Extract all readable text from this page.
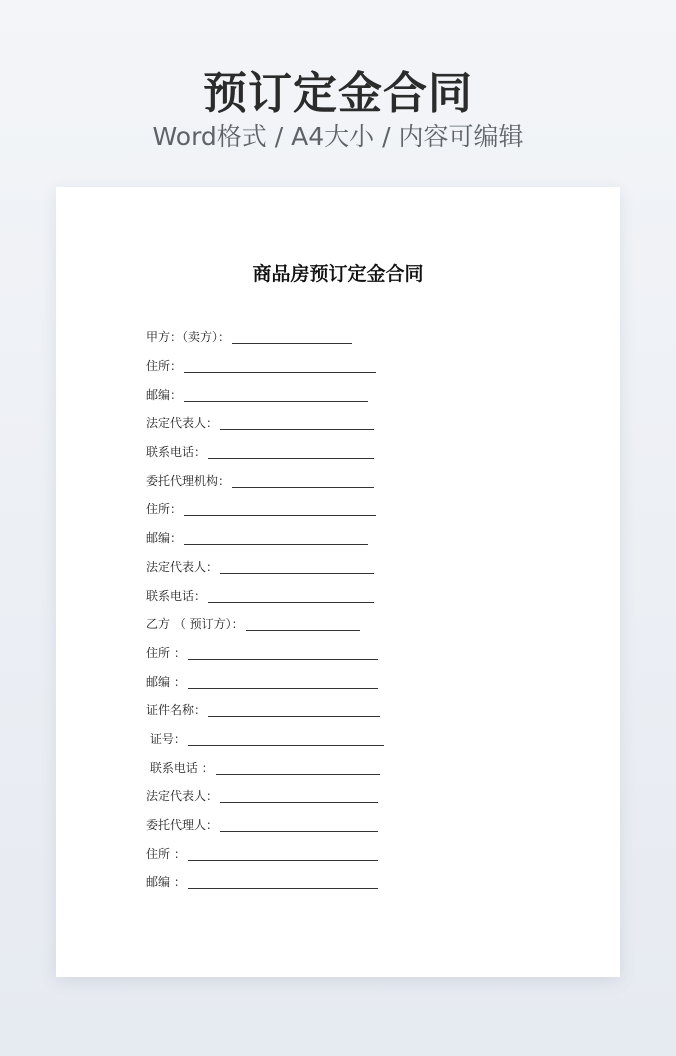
预订定金合同
Word格式 / A4大小 / 内容可编辑
商品房预订定金合同
甲方：（卖方）：
住所：
邮编：
法定代表人：
联系电话：
委托代理机构：
住所：
邮编：
法定代表人：
联系电话：
乙方 （ 预订方）：
住所 ：
邮编 ：
证件名称：
证号：
联系电话 ：
法定代表人：
委托代理人：
住所 ：
邮编 ：
